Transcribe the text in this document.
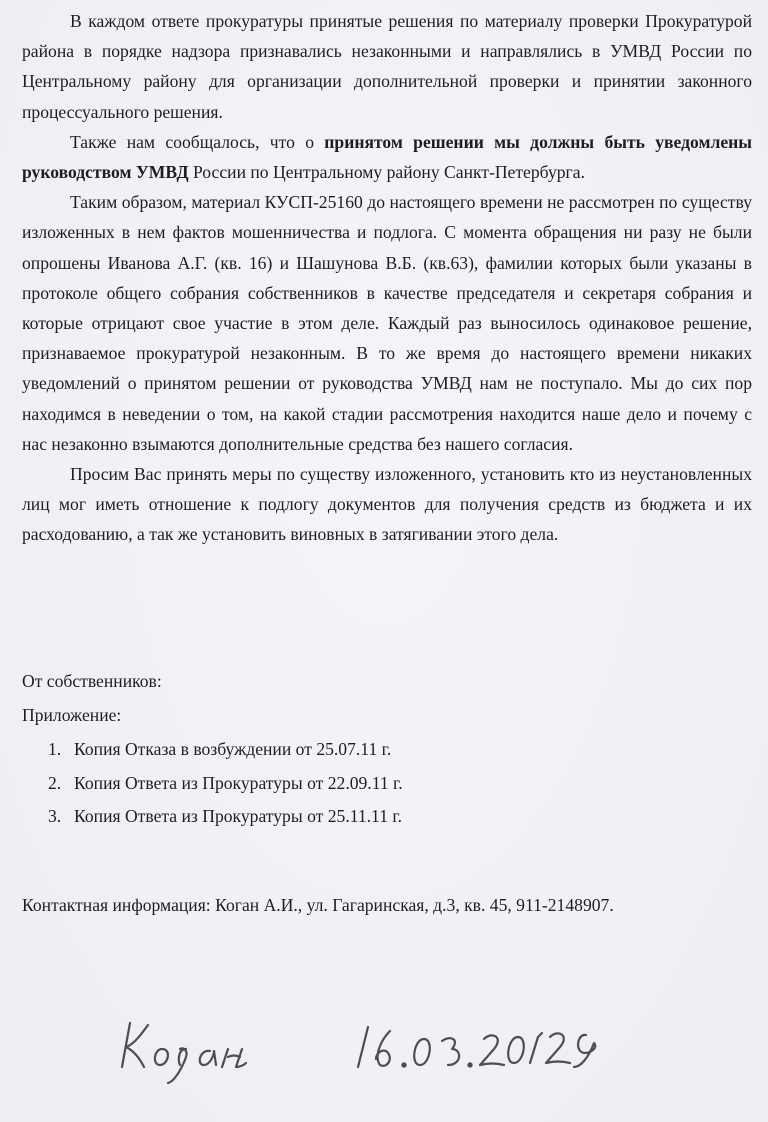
В каждом ответе прокуратуры принятые решения по материалу проверки Прокуратурой района в порядке надзора признавались незаконными и направлялись в УМВД России по Центральному району для организации дополнительной проверки и принятии законного процессуального решения.

Также нам сообщалось, что о принятом решении мы должны быть уведомлены руководством УМВД России по Центральному району Санкт-Петербурга.

Таким образом, материал КУСП-25160 до настоящего времени не рассмотрен по существу изложенных в нем фактов мошенничества и подлога. С момента обращения ни разу не были опрошены Иванова А.Г. (кв. 16) и Шашунова В.Б. (кв.63), фамилии которых были указаны в протоколе общего собрания собственников в качестве председателя и секретаря собрания и которые отрицают свое участие в этом деле. Каждый раз выносилось одинаковое решение, признаваемое прокуратурой незаконным. В то же время до настоящего времени никаких уведомлений о принятом решении от руководства УМВД нам не поступало. Мы до сих пор находимся в неведении о том, на какой стадии рассмотрения находится наше дело и почему с нас незаконно взымаются дополнительные средства без нашего согласия.

Просим Вас принять меры по существу изложенного, установить кто из неустановленных лиц мог иметь отношение к подлогу документов для получения средств из бюджета и их расходованию, а так же установить виновных в затягивании этого дела.

От собственников:

Приложение:

1. Копия Отказа в возбуждении от 25.07.11 г.
2. Копия Ответа из Прокуратуры от 22.09.11 г.
3. Копия Ответа из Прокуратуры от 25.11.11 г.

Контактная информация: Коган А.И., ул. Гагаринская, д.3, кв. 45, 911-2148907.
